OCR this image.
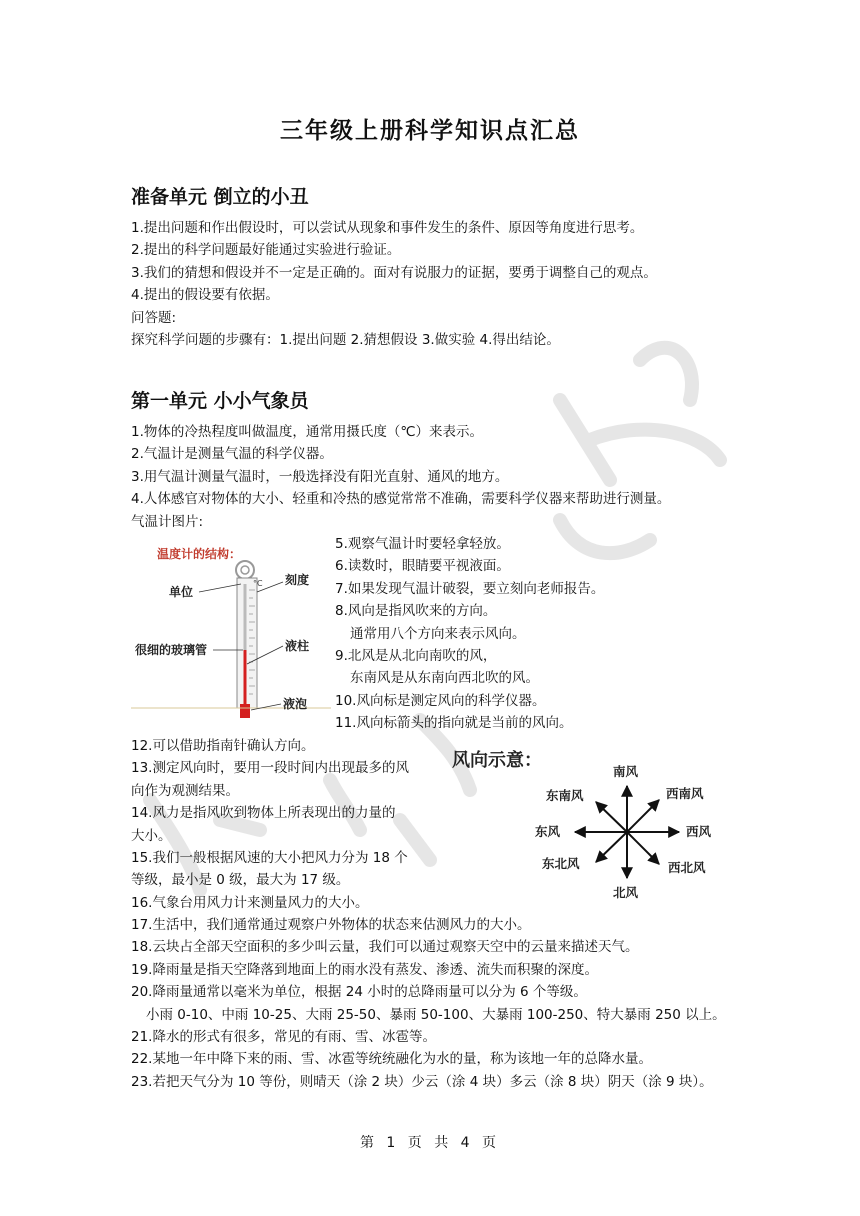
三年级上册科学知识点汇总
准备单元 倒立的小丑
1.提出问题和作出假设时，可以尝试从现象和事件发生的条件、原因等角度进行思考。
2.提出的科学问题最好能通过实验进行验证。
3.我们的猜想和假设并不一定是正确的。面对有说服力的证据，要勇于调整自己的观点。
4.提出的假设要有依据。
问答题:
探究科学问题的步骤有：1.提出问题 2.猜想假设 3.做实验 4.得出结论。
第一单元 小小气象员
1.物体的冷热程度叫做温度，通常用摄氏度（℃）来表示。
2.气温计是测量气温的科学仪器。
3.用气温计测量气温时，一般选择没有阳光直射、通风的地方。
4.人体感官对物体的大小、轻重和冷热的感觉常常不准确，需要科学仪器来帮助进行测量。
气温计图片:
温度计的结构：
°C
单位
刻度
很细的玻璃管	液柱
液泡
5.观察气温计时要轻拿轻放。
6.读数时，眼睛要平视液面。
7.如果发现气温计破裂，要立刻向老师报告。
8.风向是指风吹来的方向。
通常用八个方向来表示风向。
9.北风是从北向南吹的风，
东南风是从东南向西北吹的风。
10.风向标是测定风向的科学仪器。
11.风向标箭头的指向就是当前的风向。
12.可以借助指南针确认方向。
13.测定风向时，要用一段时间内出现最多的风
向作为观测结果。
14.风力是指风吹到物体上所表现出的力量的
大小。
15.我们一般根据风速的大小把风力分为 18 个
等级，最小是 0 级，最大为 17 级。
16.气象台用风力计来测量风力的大小。
风向示意：
南风
北风
东风	西风
东南风	西南风
东北风	西北风
17.生活中，我们通常通过观察户外物体的状态来估测风力的大小。
18.云块占全部天空面积的多少叫云量，我们可以通过观察天空中的云量来描述天气。
19.降雨量是指天空降落到地面上的雨水没有蒸发、渗透、流失而积聚的深度。
20.降雨量通常以毫米为单位，根据 24 小时的总降雨量可以分为 6 个等级。
小雨 0-10、中雨 10-25、大雨 25-50、暴雨 50-100、大暴雨 100-250、特大暴雨 250 以上。
21.降水的形式有很多，常见的有雨、雪、冰雹等。
22.某地一年中降下来的雨、雪、冰雹等统统融化为水的量，称为该地一年的总降水量。
23.若把天气分为 10 等份，则晴天（涂 2 块）少云（涂 4 块）多云（涂 8 块）阴天（涂 9 块）。
第 1 页 共 4 页
